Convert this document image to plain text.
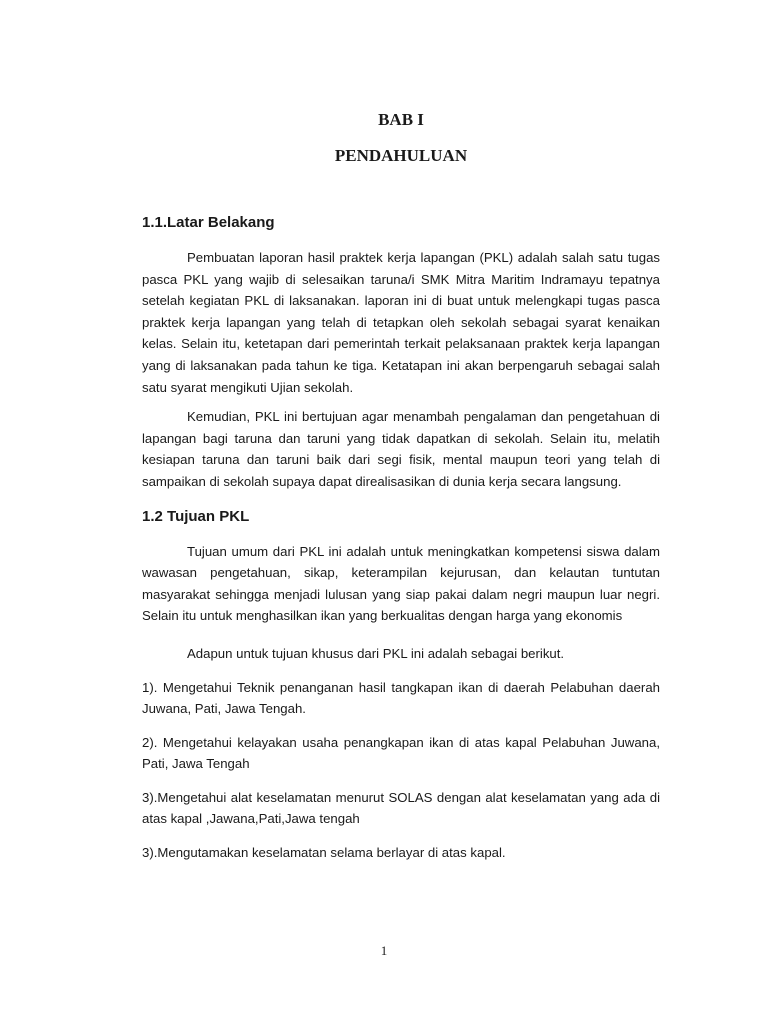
BAB I
PENDAHULUAN
1.1.Latar Belakang

Pembuatan laporan hasil praktek kerja lapangan (PKL) adalah salah satu tugas pasca PKL yang wajib di selesaikan taruna/i SMK Mitra Maritim Indramayu tepatnya setelah kegiatan PKL di laksanakan. laporan ini di buat untuk melengkapi tugas pasca praktek kerja lapangan yang telah di tetapkan oleh sekolah sebagai syarat kenaikan kelas. Selain itu, ketetapan dari pemerintah terkait pelaksanaan praktek kerja lapangan yang di laksanakan pada tahun ke tiga. Ketatapan ini akan berpengaruh sebagai salah satu syarat mengikuti Ujian sekolah.

Kemudian, PKL ini bertujuan agar menambah pengalaman dan pengetahuan di lapangan bagi taruna dan taruni yang tidak dapatkan di sekolah. Selain itu, melatih kesiapan taruna dan taruni baik dari segi fisik, mental maupun teori yang telah di sampaikan di sekolah supaya dapat direalisasikan di dunia kerja secara langsung.

1.2 Tujuan PKL

Tujuan umum dari PKL ini adalah untuk meningkatkan kompetensi siswa dalam wawasan pengetahuan, sikap, keterampilan kejurusan, dan kelautan tuntutan masyarakat sehingga menjadi lulusan yang siap pakai dalam negri maupun luar negri. Selain itu untuk menghasilkan ikan yang berkualitas dengan harga yang ekonomis

Adapun untuk tujuan khusus dari PKL ini adalah sebagai berikut.

1). Mengetahui Teknik penanganan hasil tangkapan ikan di daerah Pelabuhan daerah Juwana, Pati, Jawa Tengah.

2). Mengetahui kelayakan usaha penangkapan ikan di atas kapal Pelabuhan Juwana, Pati, Jawa Tengah

3).Mengetahui alat keselamatan menurut SOLAS dengan alat keselamatan yang ada di atas kapal ,Jawana,Pati,Jawa tengah

3).Mengutamakan keselamatan selama berlayar di atas kapal.

1
